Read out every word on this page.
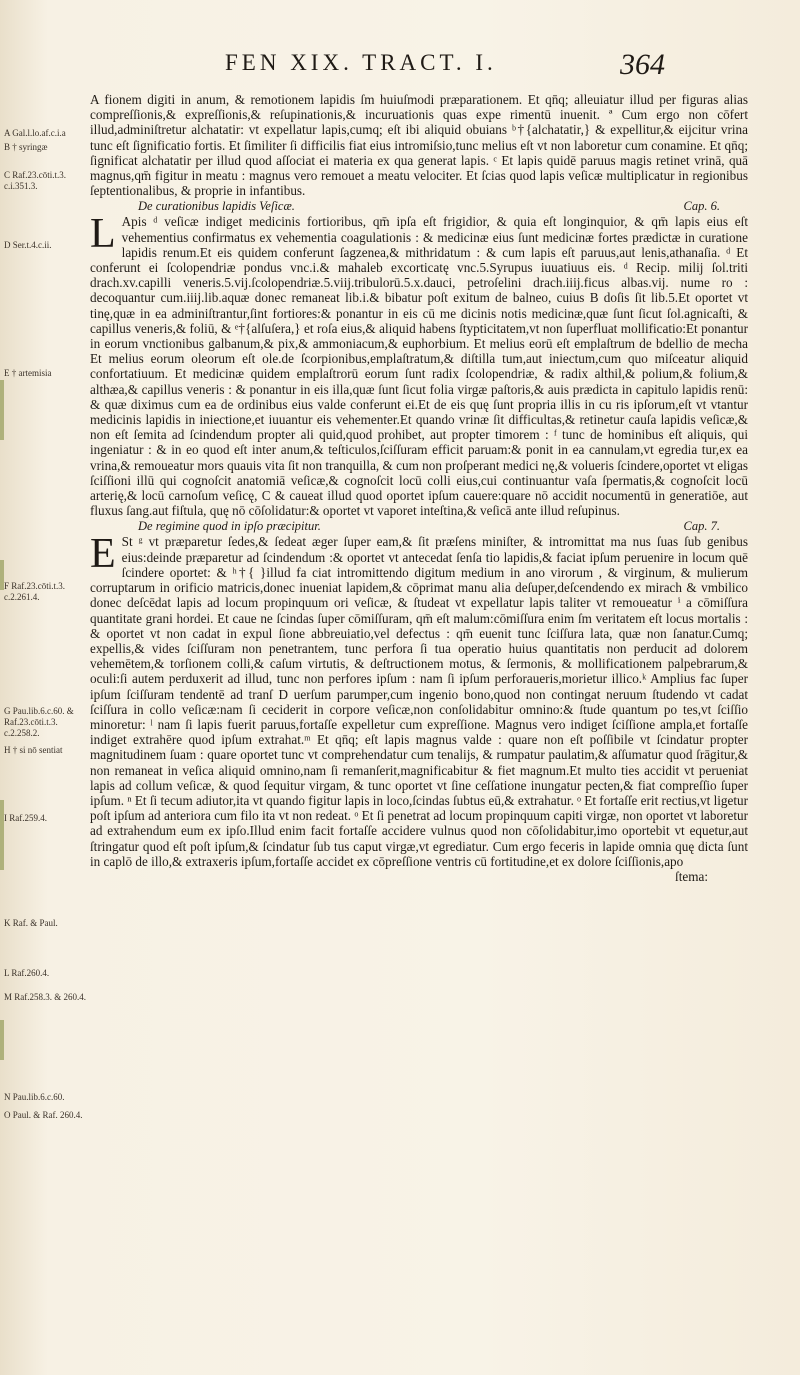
FEN XIX. TRACT. I.	364
A Gal.l.lo.af.c.i.a
B † syringæ
C Raf.23.cōti.t.3. c.i.351.3.
D Ser.t.4.c.ii.
E † artemisia
F Raf.23.cōti.t.3. c.2.261.4.
G Pau.lib.6.c.60. & Raf.23.cōti.t.3. c.2.258.2.
H † si nō sentiat
I Raf.259.4.
K Raf. & Paul.
L Raf.260.4.
M Raf.258.3. & 260.4.
N Pau.lib.6.c.60.
O Paul. & Raf. 260.4.

A fionem digiti in anum, & remotionem lapidis ſm huiuſmodi præparationem. Et qn̄q; alleuiatur illud per figuras alias compreſſionis,& expreſſionis,& reſupinationis,& incuruationis quas expe rimentū inuenit. ª Cum ergo non cōfert illud,adminiſtretur alchatatir: vt expellatur lapis,cumq; eſt ibi aliquid obuians ᵇ†{alchatatir,} & expellitur,& eijcitur vrina tunc eſt ſignificatio fortis. Et ſimiliter ſi difficilis fiat eius intromiſsio,tunc melius eſt vt non laboretur cum conamine. Et qn̄q; ſignificat alchatatir per illud quod aſſociat ei materia ex qua generat lapis. ᶜ Et lapis quidē paruus magis retinet vrinā, quā magnus,qm̄ figitur in meatu : magnus vero remouet a meatu velociter. Et ſcias quod lapis veſicæ multiplicatur in regionibus ſeptentionalibus, & proprie in infantibus.

De curationibus lapidis Veſicæ.	Cap. 6.

L Apis ᵈ veſicæ indiget medicinis fortioribus, qm̄ ipſa eſt frigidior, & quia eſt longinquior, & qm̄ lapis eius eſt vehementius confirmatus ex vehementia coagulationis : & medicinæ eius ſunt medicinæ fortes prædictæ in curatione lapidis renum.Et eis quidem conferunt ſagzenea,& mithridatum : & cum lapis eſt paruus,aut lenis,athanaſia. ᵈ Et conferunt ei ſcolopendriæ pondus vnc.i.& mahaleb excorticatę vnc.5.Syrupus iuuatiuus eis. ᵈ Recip. milij ſol.triti drach.xv.capilli veneris.5.vij.ſcolopendriæ.5.viij.tribulorū.5.x.dauci, petroſelini drach.iiij.ficus albas.vij. nume ro : decoquantur cum.iiij.lib.aquæ donec remaneat lib.i.& bibatur poſt exitum de balneo, cuius B doſis ſit lib.5.Et oportet vt tinę,quæ in ea adminiſtrantur,ſint fortiores:& ponantur in eis cū me dicinis notis medicinæ,quæ ſunt ſicut ſol.agnicaſti, & capillus veneris,& foliū, & ᵉ†{alſuſera,} et roſa eius,& aliquid habens ſtypticitatem,vt non ſuperfluat mollificatio:Et ponantur in eorum vnctionibus galbanum,& pix,& ammoniacum,& euphorbium. Et melius eorū eſt emplaſtrum de bdellio de mecha Et melius eorum oleorum eſt ole.de ſcorpionibus,emplaſtratum,& diſtilla tum,aut iniectum,cum quo miſceatur aliquid confortatiuum. Et medicinæ quidem emplaſtrorū eorum ſunt radix ſcolopendriæ, & radix althil,& polium,& folium,& althæa,& capillus veneris : & ponantur in eis illa,quæ ſunt ſicut folia virgæ paſtoris,& auis prædicta in capitulo lapidis renū: & quæ diximus cum ea de ordinibus eius valde conferunt ei.Et de eis quę ſunt propria illis in cu ris ipſorum,eſt vt vtantur medicinis lapidis in iniectione,et iuuantur eis vehementer.Et quando vrinæ ſit difficultas,& retinetur cauſa lapidis veſicæ,& non eſt ſemita ad ſcindendum propter ali quid,quod prohibet, aut propter timorem : ᶠ tunc de hominibus eſt aliquis, qui ingeniatur : & in eo quod eſt inter anum,& teſticulos,ſciſſuram efficit paruam:& ponit in ea cannulam,vt egredia tur,ex ea vrina,& remoueatur mors quauis vita ſit non tranquilla, & cum non proſperant medici nę,& volueris ſcindere,oportet vt eligas ſciſſioni illū qui cognoſcit anatomiā veſicæ,& cognoſcit locū colli eius,cui continuantur vaſa ſpermatis,& cognoſcit locū arterię,& locū carnoſum veſicę, C & caueat illud quod oportet ipſum cauere:quare nō accidit nocumentū in generatiōe, aut fluxus ſang.aut fiſtula, quę nō cōſolidatur:& oportet vt vaporet inteſtina,& veſicā ante illud reſupinus.

De regimine quod in ipſo præcipitur.	Cap. 7.

E St ᵍ vt præparetur ſedes,& ſedeat æger ſuper eam,& ſit præſens miniſter, & intromittat ma nus ſuas ſub genibus eius:deinde præparetur ad ſcindendum :& oportet vt antecedat ſenſa tio lapidis,& faciat ipſum peruenire in locum quē ſcindere oportet: & ʰ†{ }illud fa ciat intromittendo digitum medium in ano virorum , & virginum, & mulierum corruptarum in orificio matricis,donec inueniat lapidem,& cōprimat manu alia deſuper,deſcendendo ex mirach & vmbilico donec deſcēdat lapis ad locum propinquum ori veſicæ, & ſtudeat vt expellatur lapis taliter vt remoueatur ⁱ a cōmiſſura quantitate grani hordei. Et caue ne ſcindas ſuper cōmiſſuram, qm̄ eſt malum:cōmiſſura enim ſm veritatem eſt locus mortalis : & oportet vt non cadat in expul ſione abbreuiatio,vel defectus : qm̄ euenit tunc ſciſſura lata, quæ non ſanatur.Cumq; expellis,& vides ſciſſuram non penetrantem, tunc perfora ſi tua operatio huius quantitatis non perducit ad dolorem vehemētem,& torſionem colli,& caſum virtutis, & deſtructionem motus, & ſermonis, & mollificationem palpebrarum,& oculi:ſi autem perduxerit ad illud, tunc non perfores ipſum : nam ſi ipſum perforaueris,morietur illico.ᵏ Amplius fac ſuper ipſum ſciſſuram tendentē ad tranſ D uerſum parumper,cum ingenio bono,quod non contingat neruum ſtudendo vt cadat ſciſſura in collo veſicæ:nam ſi ceciderit in corpore veſicæ,non conſolidabitur omnino:& ſtude quantum po tes,vt ſciſſio minoretur: ˡ nam ſi lapis fuerit paruus,fortaſſe expelletur cum expreſſione. Magnus vero indiget ſciſſione ampla,et fortaſſe indiget extrahēre quod ipſum extrahat.ᵐ Et qn̄q; eſt lapis magnus valde : quare non eſt poſſibile vt ſcindatur propter magnitudinem ſuam : quare oportet tunc vt comprehendatur cum tenalijs, & rumpatur paulatim,& aſſumatur quod ſrāgitur,& non remaneat in veſica aliquid omnino,nam ſi remanſerit,magnificabitur & fiet magnum.Et multo ties accidit vt perueniat lapis ad collum veſicæ, & quod ſequitur virgam, & tunc oportet vt ſine ceſſatione inungatur pecten,& fiat compreſſio ſuper ipſum. ⁿ Et ſi tecum adiutor,ita vt quando figitur lapis in loco,ſcindas ſubtus eū,& extrahatur. ᵒ Et fortaſſe erit rectius,vt ligetur poſt ipſum ad anteriora cum filo ita vt non redeat. ᵒ Et ſi penetrat ad locum propinquum capiti virgæ, non oportet vt laboretur ad extrahendum eum ex ipſo.Illud enim facit fortaſſe accidere vulnus quod non cōſolidabitur,imo oportebit vt equetur,aut ſtringatur quod eſt poſt ipſum,& ſcindatur ſub tus caput virgæ,vt egrediatur. Cum ergo feceris in lapide omnia quę dicta ſunt in caplō de illo,& extraxeris ipſum,fortaſſe accidet ex cōpreſſione ventris cū fortitudine,et ex dolore ſciſſionis,apo

ſtema:
